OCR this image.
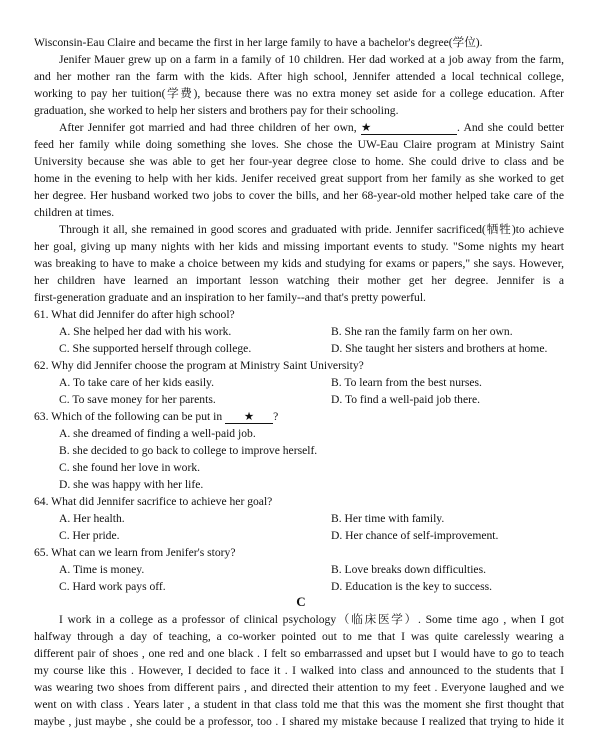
Wisconsin-Eau Claire and became the first in her large family to have a bachelor's degree(学位).
Jenifer Mauer grew up on a farm in a family of 10 children. Her dad worked at a job away from the farm,
and her mother ran the farm with the kids. After high school, Jennifer attended a local technical college,
working to pay her tuition(学费), because there was no extra money set aside for a college education. After
graduation, she worked to help her sisters and brothers pay for their schooling.
After Jennifer got married and had three children of her own, ★	. And she could better
feed her family while doing something she loves. She chose the UW-Eau Claire program at Ministry Saint
University because she was able to get her four-year degree close to home. She could drive to class and be
home in the evening to help with her kids. Jenifer received great support from her family as she worked to get
her degree. Her husband worked two jobs to cover the bills, and her 68-year-old mother helped take care of the
children at times.
Through it all, she remained in good scores and graduated with pride. Jennifer sacrificed(牺牲)to achieve
her goal, giving up many nights with her kids and missing important events to study. "Some nights my heart
was breaking to have to make a choice between my kids and studying for exams or papers," she says. However,
her children have learned an important lesson watching their mother get her degree. Jennifer is a
first-generation graduate and an inspiration to her family--and that's pretty powerful.
61. What did Jennifer do after high school?
A. She helped her dad with his work.	B. She ran the family farm on her own.
C. She supported herself through college.	D. She taught her sisters and brothers at home.
62. Why did Jennifer choose the program at Ministry Saint University?
A. To take care of her kids easily.	B. To learn from the best nurses.
C. To save money for her parents.	D. To find a well-paid job there.
63. Which of the following can be put in ★ ?
A. she dreamed of finding a well-paid job.
B. she decided to go back to college to improve herself.
C. she found her love in work.
D. she was happy with her life.
64. What did Jennifer sacrifice to achieve her goal?
A. Her health.	B. Her time with family.
C. Her pride.	D. Her chance of self-improvement.
65. What can we learn from Jenifer's story?
A. Time is money.	B. Love breaks down difficulties.
C. Hard work pays off.	D. Education is the key to success.
C
I work in a college as a professor of clinical psychology（临床医学）. Some time ago , when I got
halfway through a day of teaching, a co-worker pointed out to me that I was quite carelessly wearing a
different pair of shoes , one red and one black . I felt so embarrassed and upset but I would have to go to teach
my course like this . However, I decided to face it . I walked into class and announced to the students that I
was wearing two shoes from different pairs , and directed their attention to my feet . Everyone laughed and we
went on with class . Years later , a student in that class told me that this was the moment she first thought that
maybe , just maybe , she could be a professor, too . I shared my mistake because I realized that trying to hide it
